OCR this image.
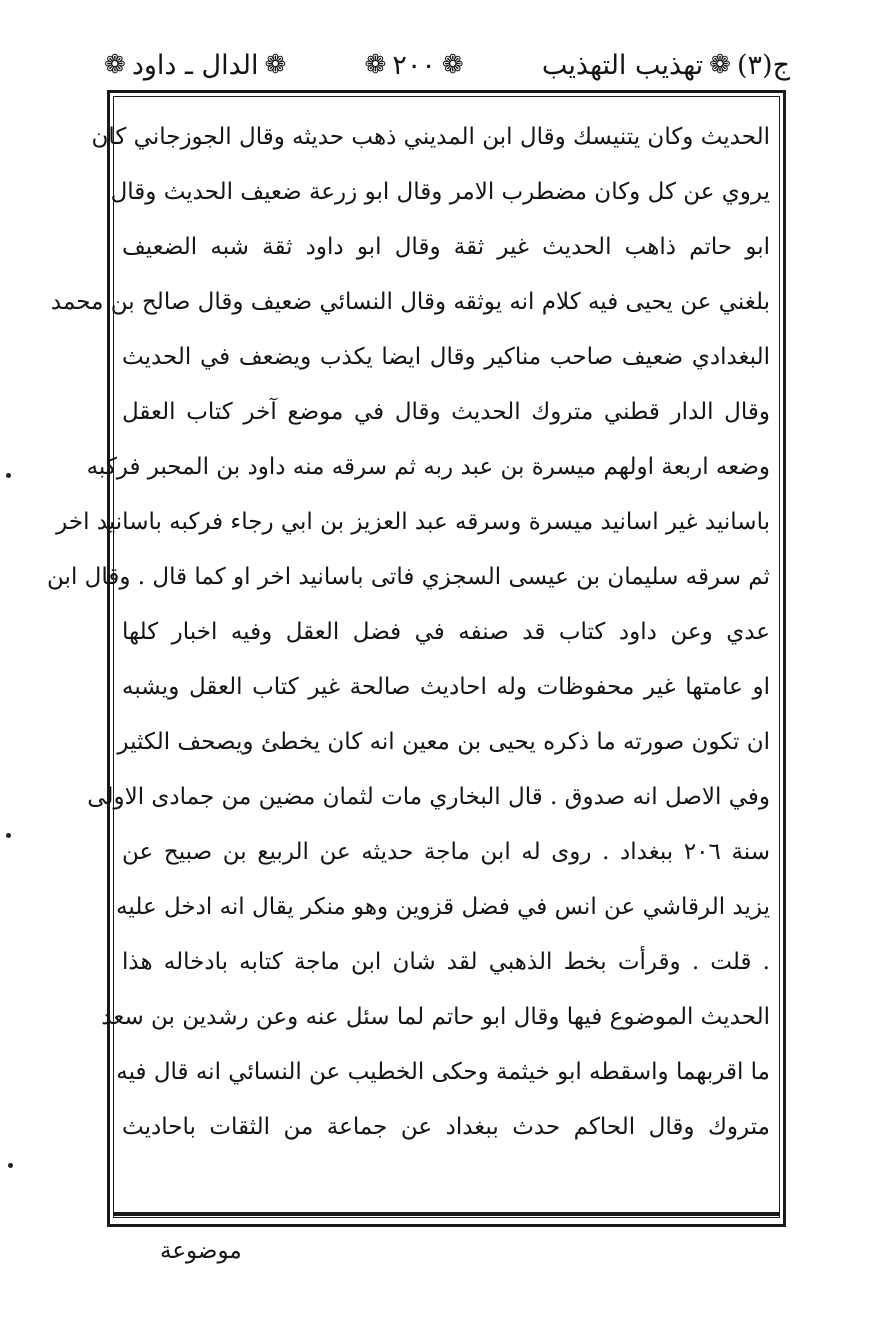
ج(٣)
❁
تهذيب التهذيب
❁
٢٠٠
❁
❁
الدال ـ داود
❁
الحديث وكان يتنيسك وقال ابن المديني ذهب حديثه وقال الجوزجاني كان
يروي عن كل وكان مضطرب الامر وقال ابو زرعة ضعيف الحديث وقال
ابو حاتم ذاهب الحديث غير ثقة وقال ابو داود ثقة شبه الضعيف
بلغني عن يحيى فيه كلام انه يوثقه وقال النسائي ضعيف وقال صالح بن محمد
البغدادي ضعيف صاحب مناكير وقال ايضا يكذب ويضعف في الحديث
وقال الدار قطني متروك الحديث وقال في موضع آخر كتاب العقل
وضعه اربعة اولهم ميسرة بن عبد ربه ثم سرقه منه داود بن المحبر فركبه
باسانيد غير اسانيد ميسرة وسرقه عبد العزيز بن ابي رجاء فركبه باسانيد اخر
ثم سرقه سليمان بن عيسى السجزي فاتى باسانيد اخر او كما قال . وقال ابن
عدي وعن داود كتاب قد صنفه في فضل العقل وفيه اخبار كلها
او عامتها غير محفوظات وله احاديث صالحة غير كتاب العقل ويشبه
ان تكون صورته ما ذكره يحيى بن معين انه كان يخطئ ويصحف الكثير
وفي الاصل انه صدوق . قال البخاري مات لثمان مضين من جمادى الاولى
سنة ٢٠٦ ببغداد . روى له ابن ماجة حديثه عن الربيع بن صبيح عن
يزيد الرقاشي عن انس في فضل قزوين وهو منكر يقال انه ادخل عليه
. قلت . وقرأت بخط الذهبي لقد شان ابن ماجة كتابه بادخاله هذا
الحديث الموضوع فيها وقال ابو حاتم لما سئل عنه وعن رشدين بن سعد
ما اقربهما واسقطه ابو خيثمة وحكى الخطيب عن النسائي انه قال فيه
متروك وقال الحاكم حدث ببغداد عن جماعة من الثقات باحاديث
موضوعة
